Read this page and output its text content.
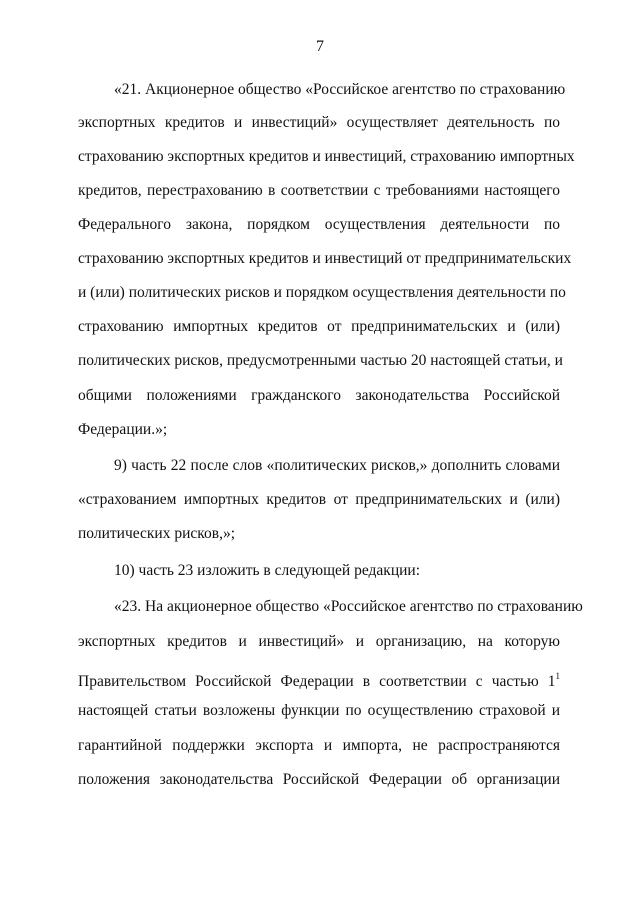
7
«21. Акционерное общество «Российское агентство по страхованию
экспортных кредитов и инвестиций» осуществляет деятельность по
страхованию экспортных кредитов и инвестиций, страхованию импортных
кредитов, перестрахованию в соответствии с требованиями настоящего
Федерального закона, порядком осуществления деятельности по
страхованию экспортных кредитов и инвестиций от предпринимательских
и (или) политических рисков и порядком осуществления деятельности по
страхованию импортных кредитов от предпринимательских и (или)
политических рисков, предусмотренными частью 20 настоящей статьи, и
общими положениями гражданского законодательства Российской
Федерации.»;
9) часть 22 после слов «политических рисков,» дополнить словами
«страхованием импортных кредитов от предпринимательских и (или)
политических рисков,»;
10) часть 23 изложить в следующей редакции:
«23. На акционерное общество «Российское агентство по страхованию
экспортных кредитов и инвестиций» и организацию, на которую
Правительством Российской Федерации в соответствии с частью $1^1$
настоящей статьи возложены функции по осуществлению страховой и
гарантийной поддержки экспорта и импорта, не распространяются
положения законодательства Российской Федерации об организации
